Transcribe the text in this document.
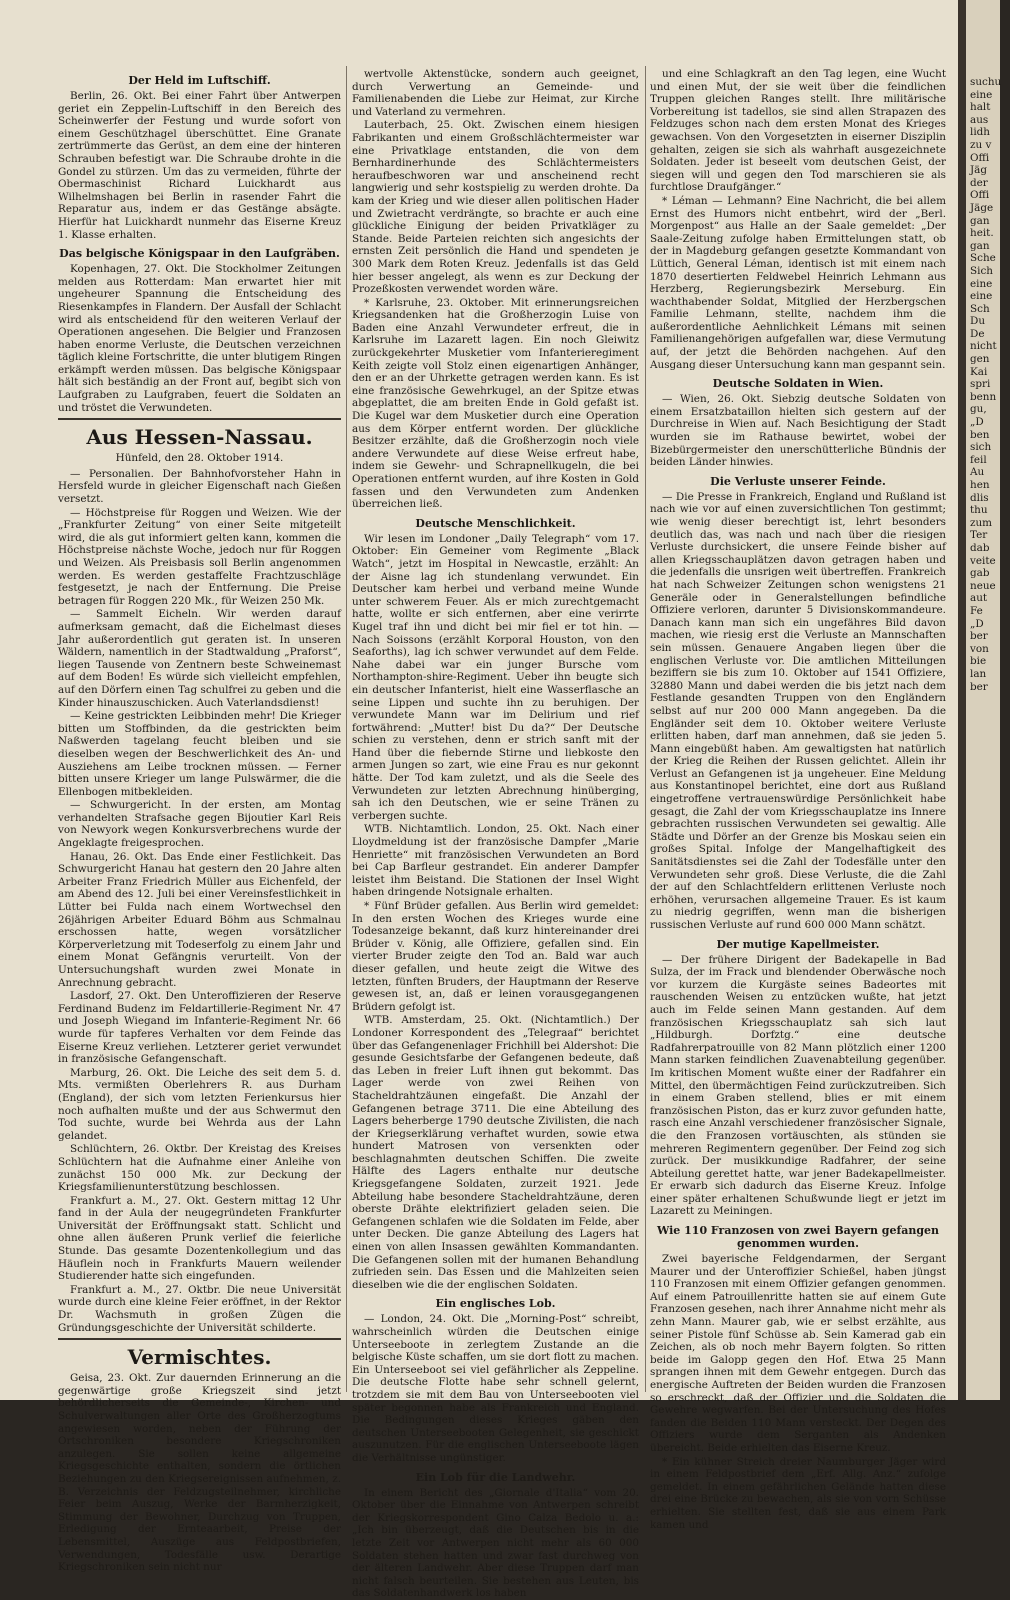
Der Held im Luftschiff.

Berlin, 26. Okt. Bei einer Fahrt über Antwerpen geriet ein Zeppelin-Luftschiff in den Bereich des Scheinwerfer der Festung und wurde sofort von einem Geschützhagel überschüttet. Eine Granate zertrümmerte das Gerüst, an dem eine der hinteren Schrauben befestigt war. Die Schraube drohte in die Gondel zu stürzen. Um das zu vermeiden, führte der Obermaschinist Richard Luickhardt aus Wilhelmshagen bei Berlin in rasender Fahrt die Reparatur aus, indem er das Gestänge absägte. Hierfür hat Luickhardt nunmehr das Eiserne Kreuz 1. Klasse erhalten.

Das belgische Königspaar in den Laufgräben.

Kopenhagen, 27. Okt. Die Stockholmer Zeitungen melden aus Rotterdam: Man erwartet hier mit ungeheurer Spannung die Entscheidung des Riesenkampfes in Flandern. Der Ausfall der Schlacht wird als entscheidend für den weiteren Verlauf der Operationen angesehen. Die Belgier und Franzosen haben enorme Verluste, die Deutschen verzeichnen täglich kleine Fortschritte, die unter blutigem Ringen erkämpft werden müssen. Das belgische Königspaar hält sich beständig an der Front auf, begibt sich von Laufgraben zu Laufgraben, feuert die Soldaten an und tröstet die Verwundeten.

Aus Hessen-Nassau.

Hünfeld, den 28. Oktober 1914.

— Personalien. Der Bahnhofvorsteher Hahn in Hersfeld wurde in gleicher Eigenschaft nach Gießen versetzt.

— Höchstpreise für Roggen und Weizen. Wie der „Frankfurter Zeitung“ von einer Seite mitgeteilt wird, die als gut informiert gelten kann, kommen die Höchstpreise nächste Woche, jedoch nur für Roggen und Weizen. Als Preisbasis soll Berlin angenommen werden. Es werden gestaffelte Frachtzuschläge festgesetzt, je nach der Entfernung. Die Preise betragen für Roggen 220 Mk., für Weizen 250 Mk.

— Sammelt Eicheln. Wir werden darauf aufmerksam gemacht, daß die Eichelmast dieses Jahr außerordentlich gut geraten ist. In unseren Wäldern, namentlich in der Stadtwaldung „Praforst“, liegen Tausende von Zentnern beste Schweinemast auf dem Boden! Es würde sich vielleicht empfehlen, auf den Dörfern einen Tag schulfrei zu geben und die Kinder hinauszuschicken. Auch Vaterlandsdienst!

— Keine gestrickten Leibbinden mehr! Die Krieger bitten um Stoffbinden, da die gestrickten beim Naßwerden tagelang feucht bleiben und sie dieselben wegen der Beschwerlichkeit des An- und Ausziehens am Leibe trocknen müssen. — Ferner bitten unsere Krieger um lange Pulswärmer, die die Ellenbogen mitbekleiden.

— Schwurgericht. In der ersten, am Montag verhandelten Strafsache gegen Bijoutier Karl Reis von Newyork wegen Konkursverbrechens wurde der Angeklagte freigesprochen.

Hanau, 26. Okt. Das Ende einer Festlichkeit. Das Schwurgericht Hanau hat gestern den 20 Jahre alten Arbeiter Franz Friedrich Müller aus Eichenfeld, der am Abend des 12. Juli bei einer Vereinsfestlichkeit in Lütter bei Fulda nach einem Wortwechsel den 26jährigen Arbeiter Eduard Böhm aus Schmalnau erschossen hatte, wegen vorsätzlicher Körperverletzung mit Todeserfolg zu einem Jahr und einem Monat Gefängnis verurteilt. Von der Untersuchungshaft wurden zwei Monate in Anrechnung gebracht.

Lasdorf, 27. Okt. Den Unteroffizieren der Reserve Ferdinand Budenz im Feldartillerie-Regiment Nr. 47 und Joseph Wiegand im Infanterie-Regiment Nr. 66 wurde für tapferes Verhalten vor dem Feinde das Eiserne Kreuz verliehen. Letzterer geriet verwundet in französische Gefangenschaft.

Marburg, 26. Okt. Die Leiche des seit dem 5. d. Mts. vermißten Oberlehrers R. aus Durham (England), der sich vom letzten Ferienkursus hier noch aufhalten mußte und der aus Schwermut den Tod suchte, wurde bei Wehrda aus der Lahn gelandet.

Schlüchtern, 26. Oktbr. Der Kreistag des Kreises Schlüchtern hat die Aufnahme einer Anleihe von zunächst 150 000 Mk. zur Deckung der Kriegsfamilienunterstützung beschlossen.

Frankfurt a. M., 27. Okt. Gestern mittag 12 Uhr fand in der Aula der neugegründeten Frankfurter Universität der Eröffnungsakt statt. Schlicht und ohne allen äußeren Prunk verlief die feierliche Stunde. Das gesamte Dozentenkollegium und das Häuflein noch in Frankfurts Mauern weilender Studierender hatte sich eingefunden.

Frankfurt a. M., 27. Oktbr. Die neue Universität wurde durch eine kleine Feier eröffnet, in der Rektor Dr. Wachsmuth in großen Zügen die Gründungsgeschichte der Universität schilderte.

Vermischtes.

Geisa, 23. Okt. Zur dauernden Erinnerung an die gegenwärtige große Kriegszeit sind jetzt behördlicherseits die Gemeinde-, Kirchen- und Schulverwaltungen aller Orte des Großherzogtums angewiesen worden, neben der Führung der Ortschroniken besondere Kriegschroniken anzulegen. Sie sollen keine allgemeine Kriegsgeschichte enthalten, sondern die örtlichen Beziehungen zu den Kriegsereignissen aufnehmen, z. B. Verzeichnis der Feldzugsteilnehmer, kirchliche Feier beim Auszug, Werke der Barmherzigkeit, Stimmung der Bewohner, Durchzug von Truppen, Erledigung der Ernteaarbeit, Preise der Lebensmittel, Auszüge aus Feldpostbriefen, Verwendungen, Todesfälle usw. Derartige Kriegschroniken sein nicht nur

wertvolle Aktenstücke, sondern auch geeignet, durch Verwertung an Gemeinde- und Familienabenden die Liebe zur Heimat, zur Kirche und Vaterland zu vermehren.

Lauterbach, 25. Okt. Zwischen einem hiesigen Fabrikanten und einem Großschlächtermeister war eine Privatklage entstanden, die von dem Bernhardinerhunde des Schlächtermeisters heraufbeschworen war und anscheinend recht langwierig und sehr kostspielig zu werden drohte. Da kam der Krieg und wie dieser allen politischen Hader und Zwietracht verdrängte, so brachte er auch eine glückliche Einigung der beiden Privatkläger zu Stande. Beide Parteien reichten sich angesichts der ernsten Zeit persönlich die Hand und spendeten je 300 Mark dem Roten Kreuz. Jedenfalls ist das Geld hier besser angelegt, als wenn es zur Deckung der Prozeßkosten verwendet worden wäre.

* Karlsruhe, 23. Oktober. Mit erinnerungsreichen Kriegsandenken hat die Großherzogin Luise von Baden eine Anzahl Verwundeter erfreut, die in Karlsruhe im Lazarett lagen. Ein noch Gleiwitz zurückgekehrter Musketier vom Infanterieregiment Keith zeigte voll Stolz einen eigenartigen Anhänger, den er an der Uhrkette getragen werden kann. Es ist eine französische Gewehrkugel, an der Spitze etwas abgeplattet, die am breiten Ende in Gold gefaßt ist. Die Kugel war dem Musketier durch eine Operation aus dem Körper entfernt worden. Der glückliche Besitzer erzählte, daß die Großherzogin noch viele andere Verwundete auf diese Weise erfreut habe, indem sie Gewehr- und Schrapnellkugeln, die bei Operationen entfernt wurden, auf ihre Kosten in Gold fassen und den Verwundeten zum Andenken überreichen ließ.

Deutsche Menschlichkeit.

Wir lesen im Londoner „Daily Telegraph“ vom 17. Oktober: Ein Gemeiner vom Regimente „Black Watch“, jetzt im Hospital in Newcastle, erzählt: An der Aisne lag ich stundenlang verwundet. Ein Deutscher kam herbei und verband meine Wunde unter schwerem Feuer. Als er mich zurechtgemacht hatte, wollte er sich entfernen, aber eine verirrte Kugel traf ihn und dicht bei mir fiel er tot hin. — Nach Soissons (erzählt Korporal Houston, von den Seaforths), lag ich schwer verwundet auf dem Felde. Nahe dabei war ein junger Bursche vom Northampton-shire-Regiment. Ueber ihn beugte sich ein deutscher Infanterist, hielt eine Wasserflasche an seine Lippen und suchte ihn zu beruhigen. Der verwundete Mann war im Delirium und rief fortwährend: „Mutter! bist Du da?“ Der Deutsche schien zu verstehen, denn er strich sanft mit der Hand über die fiebernde Stirne und liebkoste den armen Jungen so zart, wie eine Frau es nur gekonnt hätte. Der Tod kam zuletzt, und als die Seele des Verwundeten zur letzten Abrechnung hinüberging, sah ich den Deutschen, wie er seine Tränen zu verbergen suchte.

WTB. Nichtamtlich. London, 25. Okt. Nach einer Lloydmeldung ist der französische Dampfer „Marie Henriette“ mit französischen Verwundeten an Bord bei Cap Barfleur gestrandet. Ein anderer Dampfer leistet ihm Beistand. Die Stationen der Insel Wight haben dringende Notsignale erhalten.

* Fünf Brüder gefallen. Aus Berlin wird gemeldet: In den ersten Wochen des Krieges wurde eine Todesanzeige bekannt, daß kurz hintereinander drei Brüder v. König, alle Offiziere, gefallen sind. Ein vierter Bruder zeigte den Tod an. Bald war auch dieser gefallen, und heute zeigt die Witwe des letzten, fünften Bruders, der Hauptmann der Reserve gewesen ist, an, daß er leinen vorausgegangenen Brüdern gefolgt ist.

WTB. Amsterdam, 25. Okt. (Nichtamtlich.) Der Londoner Korrespondent des „Telegraaf“ berichtet über das Gefangenenlager Frichhill bei Aldershot: Die gesunde Gesichtsfarbe der Gefangenen bedeute, daß das Leben in freier Luft ihnen gut bekommt. Das Lager werde von zwei Reihen von Stacheldrahtzäunen eingefaßt. Die Anzahl der Gefangenen betrage 3711. Die eine Abteilung des Lagers beherberge 1790 deutsche Zivilisten, die nach der Kriegserklärung verhaftet wurden, sowie etwa hundert Matrosen von versenkten oder beschlagnahmten deutschen Schiffen. Die zweite Hälfte des Lagers enthalte nur deutsche Kriegsgefangene Soldaten, zurzeit 1921. Jede Abteilung habe besondere Stacheldrahtzäune, deren oberste Drähte elektrifiziert geladen seien. Die Gefangenen schlafen wie die Soldaten im Felde, aber unter Decken. Die ganze Abteilung des Lagers hat einen von allen Insassen gewählten Kommandanten. Die Gefangenen sollen mit der humanen Behandlung zufrieden sein. Das Essen und die Mahlzeiten seien dieselben wie die der englischen Soldaten.

Ein englisches Lob.

— London, 24. Okt. Die „Morning-Post“ schreibt, wahrscheinlich würden die Deutschen einige Unterseeboote in zerlegtem Zustande an die belgische Küste schaffen, um sie dort flott zu machen. Ein Unterseeboot sei viel gefährlicher als Zeppeline. Die deutsche Flotte habe sehr schnell gelernt, trotzdem sie mit dem Bau von Unterseebooten viel später begonnen habe als Frankreich und England. Die Bedingungen dieses Krieges gäben den deutschen Unterseebooten Gelegenheit, sie geschickt auszunutzen. Für die englischen Unterseeboote lägen die Verhältnisse ungünstiger.

Ein Lob für die Landwehr.

In einem Bericht des „Giornale d'Italia“ vom 20. Oktober über die Einnahme von Antwerpen schreibt der Kriegskorrespondent Gino Calza Bedolo u. a.: „Ich bin überzeugt, daß die Deutschen bis in die letzte Zeit vor Antwerpen nicht mehr als 60 000 Soldaten stehen hatten und zwar fast durchweg von der älteren Landwehr. Aber diese Truppen darf man nicht falsch beurteilen. Sie bestehen aus Leuten, bis das Soldatenhandwerk los haben

und eine Schlagkraft an den Tag legen, eine Wucht und einen Mut, der sie weit über die feindlichen Truppen gleichen Ranges stellt. Ihre militärische Vorbereitung ist tadellos, sie sind allen Strapazen des Feldzuges schon nach dem ersten Monat des Krieges gewachsen. Von den Vorgesetzten in eiserner Disziplin gehalten, zeigen sie sich als wahrhaft ausgezeichnete Soldaten. Jeder ist beseelt vom deutschen Geist, der siegen will und gegen den Tod marschieren sie als furchtlose Draufgänger.“

* Léman — Lehmann? Eine Nachricht, die bei allem Ernst des Humors nicht entbehrt, wird der „Berl. Morgenpost“ aus Halle an der Saale gemeldet: „Der Saale-Zeitung zufolge haben Ermittelungen statt, ob der in Magdeburg gefangen gesetzte Kommandant von Lüttich, General Léman, identisch ist mit einem nach 1870 desertierten Feldwebel Heinrich Lehmann aus Herzberg, Regierungsbezirk Merseburg. Ein wachthabender Soldat, Mitglied der Herzbergschen Familie Lehmann, stellte, nachdem ihm die außerordentliche Aehnlichkeit Lémans mit seinen Familienangehörigen aufgefallen war, diese Vermutung auf, der jetzt die Behörden nachgehen. Auf den Ausgang dieser Untersuchung kann man gespannt sein.

Deutsche Soldaten in Wien.

— Wien, 26. Okt. Siebzig deutsche Soldaten von einem Ersatzbataillon hielten sich gestern auf der Durchreise in Wien auf. Nach Besichtigung der Stadt wurden sie im Rathause bewirtet, wobei der Bizebürgermeister den unerschütterliche Bündnis der beiden Länder hinwies.

Die Verluste unserer Feinde.

— Die Presse in Frankreich, England und Rußland ist nach wie vor auf einen zuversichtlichen Ton gestimmt; wie wenig dieser berechtigt ist, lehrt besonders deutlich das, was nach und nach über die riesigen Verluste durchsickert, die unsere Feinde bisher auf allen Kriegsschauplätzen davon getragen haben und die jedenfalls die unsrigen weit übertreffen. Frankreich hat nach Schweizer Zeitungen schon wenigstens 21 Generäle oder in Generalstellungen befindliche Offiziere verloren, darunter 5 Divisionskommandeure. Danach kann man sich ein ungefähres Bild davon machen, wie riesig erst die Verluste an Mannschaften sein müssen. Genauere Angaben liegen über die englischen Verluste vor. Die amtlichen Mitteilungen beziffern sie bis zum 10. Oktober auf 1541 Offiziere, 32880 Mann und dabei werden die bis jetzt nach dem Festlande gesandten Truppen von den Engländern selbst auf nur 200 000 Mann angegeben. Da die Engländer seit dem 10. Oktober weitere Verluste erlitten haben, darf man annehmen, daß sie jeden 5. Mann eingebüßt haben. Am gewaltigsten hat natürlich der Krieg die Reihen der Russen gelichtet. Allein ihr Verlust an Gefangenen ist ja ungeheuer. Eine Meldung aus Konstantinopel berichtet, eine dort aus Rußland eingetroffene vertrauenswürdige Persönlichkeit habe gesagt, die Zahl der vom Kriegsschauplatze ins Innere gebrachten russischen Verwundeten sei gewaltig. Alle Städte und Dörfer an der Grenze bis Moskau seien ein großes Spital. Infolge der Mangelhaftigkeit des Sanitätsdienstes sei die Zahl der Todesfälle unter den Verwundeten sehr groß. Diese Verluste, die die Zahl der auf den Schlachtfeldern erlittenen Verluste noch erhöhen, verursachen allgemeine Trauer. Es ist kaum zu niedrig gegriffen, wenn man die bisherigen russischen Verluste auf rund 600 000 Mann schätzt.

Der mutige Kapellmeister.

— Der frühere Dirigent der Badekapelle in Bad Sulza, der im Frack und blendender Oberwäsche noch vor kurzem die Kurgäste seines Badeortes mit rauschenden Weisen zu entzücken wußte, hat jetzt auch im Felde seinen Mann gestanden. Auf dem französischen Kriegsschauplatz sah sich laut „Hildburgh. Dorfztg.“ eine deutsche Radfahrerpatrouille von 82 Mann plötzlich einer 1200 Mann starken feindlichen Zuavenabteilung gegenüber. Im kritischen Moment wußte einer der Radfahrer ein Mittel, den übermächtigen Feind zurückzutreiben. Sich in einem Graben stellend, blies er mit einem französischen Piston, das er kurz zuvor gefunden hatte, rasch eine Anzahl verschiedener französischer Signale, die den Franzosen vortäuschten, als stünden sie mehreren Regimentern gegenüber. Der Feind zog sich zurück. Der musikkundige Radfahrer, der seine Abteilung gerettet hatte, war jener Badekapellmeister. Er erwarb sich dadurch das Eiserne Kreuz. Infolge einer später erhaltenen Schußwunde liegt er jetzt im Lazarett zu Meiningen.

Wie 110 Franzosen von zwei Bayern gefangen genommen wurden.

Zwei bayerische Feldgendarmen, der Sergant Maurer und der Unteroffizier Schießel, haben jüngst 110 Franzosen mit einem Offizier gefangen genommen. Auf einem Patrouillenritte hatten sie auf einem Gute Franzosen gesehen, nach ihrer Annahme nicht mehr als zehn Mann. Maurer gab, wie er selbst erzählte, aus seiner Pistole fünf Schüsse ab. Sein Kamerad gab ein Zeichen, als ob noch mehr Bayern folgten. So ritten beide im Galopp gegen den Hof. Etwa 25 Mann sprangen ihnen mit dem Gewehr entgegen. Durch das energische Auftreten der Beiden wurden die Franzosen so erschreckt, daß der Offizier und die Soldaten die Gewehre wegwarfen. Bei der Untersuchung des Hofes fanden die Beiden 110 Mann versteckt. Der Degen des Offiziers wurde dem Serganten als Andenken übereicht. Beide erhielten das Eiserne Kreuz.

* Ein kühner Streich dreier Naumburger Jäger wird in einem Feldpostbrief dem „Erf. Allg. Anz.“ zufolge gemeldet. In einem gefährlichen Gelände hatten diese drei eine Brücke zu bewachen, als sie von vorn Schüsse erhielten. Sie stellten fest, daß sie aus einem Park kamen und

suchu
eine
halt
aus
lidh
zu v
Offi
Jäg
der
Offi
Jäge
gan
heit.
gan
Sche
Sich
eine
eine
Sch
Du
De
nicht
gen
Kai
spri
benn
gu,
„D
ben
sich
feil
Au
hen
dlis
thu
zum
Ter
dab
veite
gab
neue
aut
Fe
„D
ber
von
bie
lan
ber
